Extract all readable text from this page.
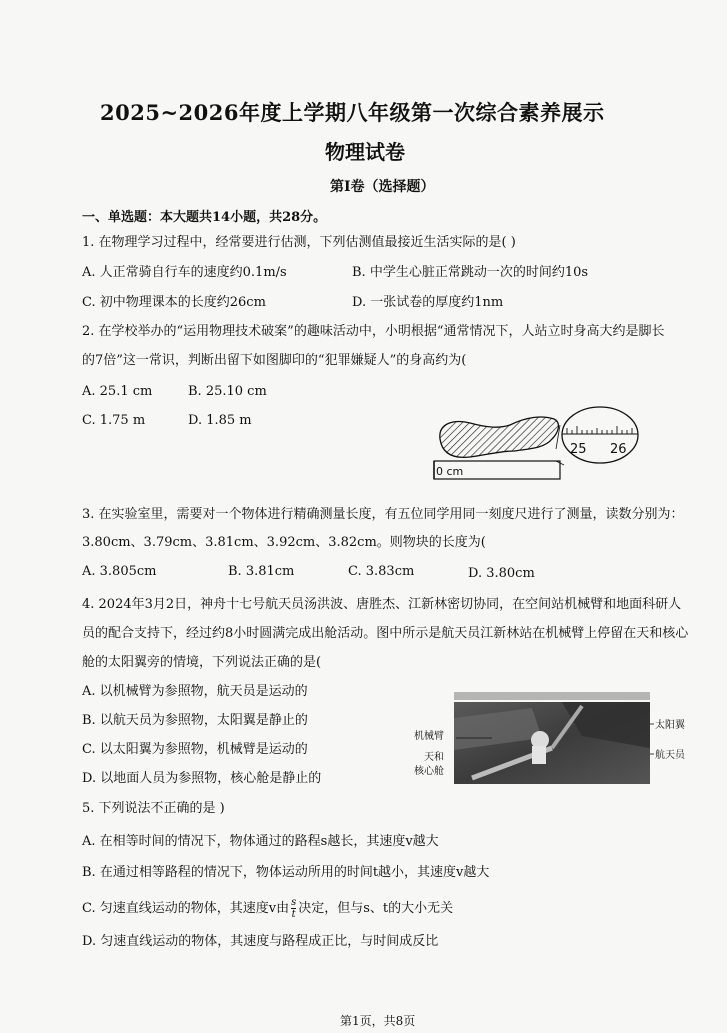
2025~2026年度上学期八年级第一次综合素养展示
物理试卷
第Ⅰ卷（选择题）
一、单选题：本大题共14小题，共28分。
1. 在物理学习过程中，经常要进行估测，下列估测值最接近生活实际的是( )
A. 人正常骑自行车的速度约0.1m/s	B. 中学生心脏正常跳动一次的时间约10s
C. 初中物理课本的长度约26cm	D. 一张试卷的厚度约1nm
2. 在学校举办的“运用物理技术破案”的趣味活动中，小明根据“通常情况下，人站立时身高大约是脚长
的7倍”这一常识，判断出留下如图脚印的“犯罪嫌疑人”的身高约为(
A. 25.1 cm	B. 25.10 cm
C. 1.75 m	D. 1.85 m
0 cm
25 26
3. 在实验室里，需要对一个物体进行精确测量长度，有五位同学用同一刻度尺进行了测量，读数分别为：
3.80cm、3.79cm、3.81cm、3.92cm、3.82cm。则物块的长度为(
A. 3.805cm	B. 3.81cm	C. 3.83cm	D. 3.80cm
4. 2024年3月2日，神舟十七号航天员汤洪波、唐胜杰、江新林密切协同，在空间站机械臂和地面科研人
员的配合支持下，经过约8小时圆满完成出舱活动。图中所示是航天员江新林站在机械臂上停留在天和核心
舱的太阳翼旁的情境，下列说法正确的是(
A. 以机械臂为参照物，航天员是运动的
B. 以航天员为参照物，太阳翼是静止的
C. 以太阳翼为参照物，机械臂是运动的
D. 以地面人员为参照物，核心舱是静止的
机械臂
天和
核心舱
太阳翼
航天员
5. 下列说法不正确的是 )
A. 在相等时间的情况下，物体通过的路程s越长，其速度v越大
B. 在通过相等路程的情况下，物体运动所用的时间t越小，其速度v越大
C. 匀速直线运动的物体，其速度v由 $\frac{s}{t}$ 决定，但与s、t的大小无关
D. 匀速直线运动的物体，其速度与路程成正比，与时间成反比
第1页，共8页
